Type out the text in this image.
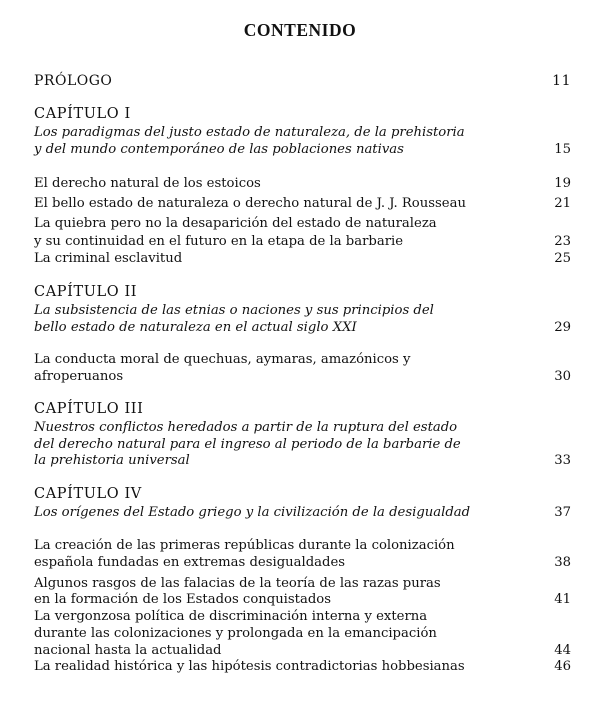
CONTENIDO
PRÓLOGO	11
CAPÍTULO I
Los paradigmas del justo estado de naturaleza, de la prehistoria
y del mundo contemporáneo de las poblaciones nativas	15
El derecho natural de los estoicos	19
El bello estado de naturaleza o derecho natural de J. J. Rousseau	21
La quiebra pero no la desaparición del estado de naturaleza
y su continuidad en el futuro en la etapa de la barbarie	23
La criminal esclavitud	25
CAPÍTULO II
La subsistencia de las etnias o naciones y sus principios del
bello estado de naturaleza en el actual siglo XXI	29
La conducta moral de quechuas, aymaras, amazónicos y
afroperuanos	30
CAPÍTULO III
Nuestros conflictos heredados a partir de la ruptura del estado
del derecho natural para el ingreso al periodo de la barbarie de
la prehistoria universal	33
CAPÍTULO IV
Los orígenes del Estado griego y la civilización de la desigualdad	37
La creación de las primeras repúblicas durante la colonización
española fundadas en extremas desigualdades	38
Algunos rasgos de las falacias de la teoría de las razas puras
en la formación de los Estados conquistados	41
La vergonzosa política de discriminación interna y externa
durante las colonizaciones y prolongada en la emancipación
nacional hasta la actualidad	44
La realidad histórica y las hipótesis contradictorias hobbesianas	46
